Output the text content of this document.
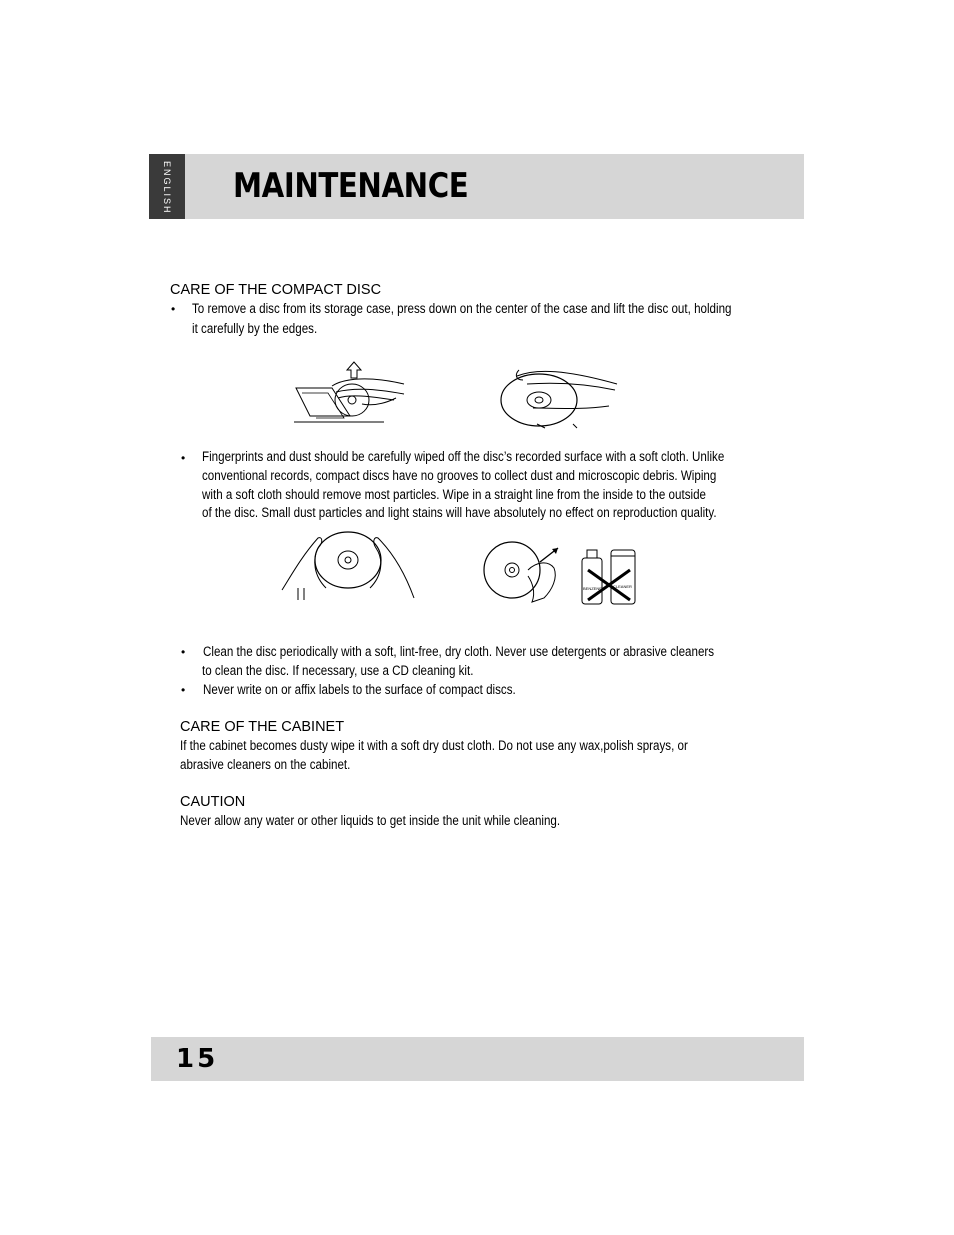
ENGLISH	MAINTENANCE
CARE OF THE COMPACT DISC
• To remove a disc from its storage case, press down on the center of the case and lift the disc out, holding
it carefully by the edges.
• Fingerprints and dust should be carefully wiped off the disc’s recorded surface with a soft cloth. Unlike
conventional records, compact discs have no grooves to collect dust and microscopic debris. Wiping
with a soft cloth should remove most particles. Wipe in a straight line from the inside to the outside
of the disc. Small dust particles and light stains will have absolutely no effect on reproduction quality.
BENZENE	CLEANER
• Clean the disc periodically with a soft, lint-free, dry cloth. Never use detergents or abrasive cleaners
to clean the disc. If necessary, use a CD cleaning kit.
• Never write on or affix labels to the surface of compact discs.
CARE OF THE CABINET
If the cabinet becomes dusty wipe it with a soft dry dust cloth. Do not use any wax,polish sprays, or
abrasive cleaners on the cabinet.
CAUTION
Never allow any water or other liquids to get inside the unit while cleaning.
15
